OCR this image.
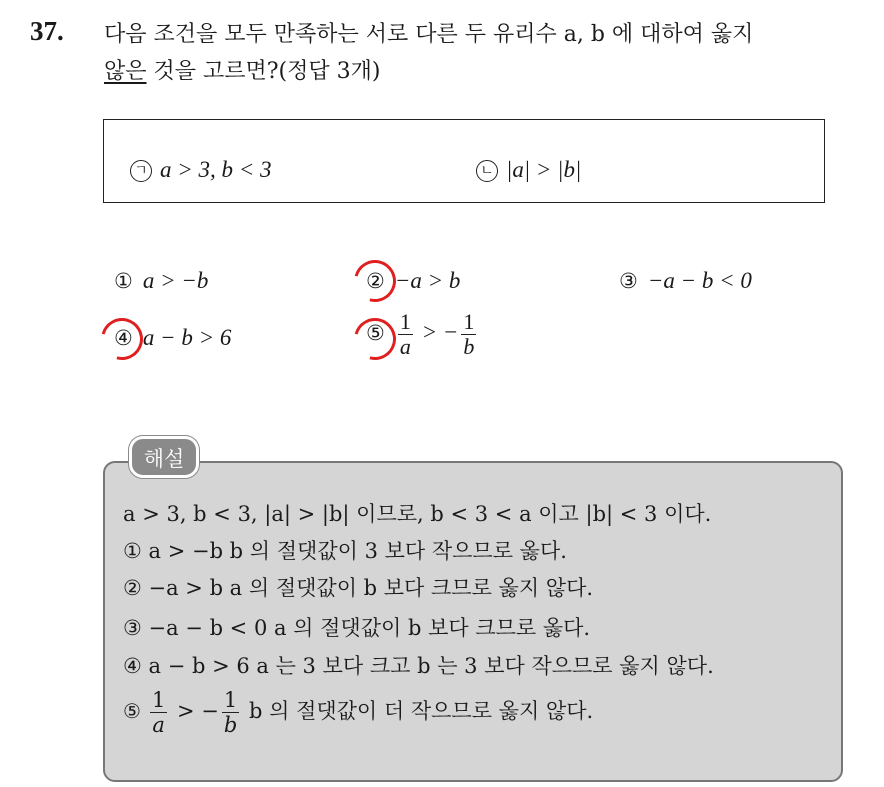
37. 다음 조건을 모두 만족하는 서로 다른 두 유리수 a, b 에 대하여 옳지
않은 것을 고르면?(정답 3개)
ㄱ a > 3, b < 3	ㄴ |a| > |b|
① a > −b	② −a > b	③ −a − b < 0
④ a − b > 6	⑤ $\frac{1}{a}$ > − $\frac{1}{b}$
해설
a > 3, b < 3, |a| > |b| 이므로, b < 3 < a 이고 |b| < 3 이다.
① a > −b b 의 절댓값이 3 보다 작으므로 옳다.
② −a > b a 의 절댓값이 b 보다 크므로 옳지 않다.
③ −a − b < 0 a 의 절댓값이 b 보다 크므로 옳다.
④ a − b > 6 a 는 3 보다 크고 b 는 3 보다 작으므로 옳지 않다.
⑤ $\frac{1}{a}$ > − $\frac{1}{b}$ b 의 절댓값이 더 작으므로 옳지 않다.
